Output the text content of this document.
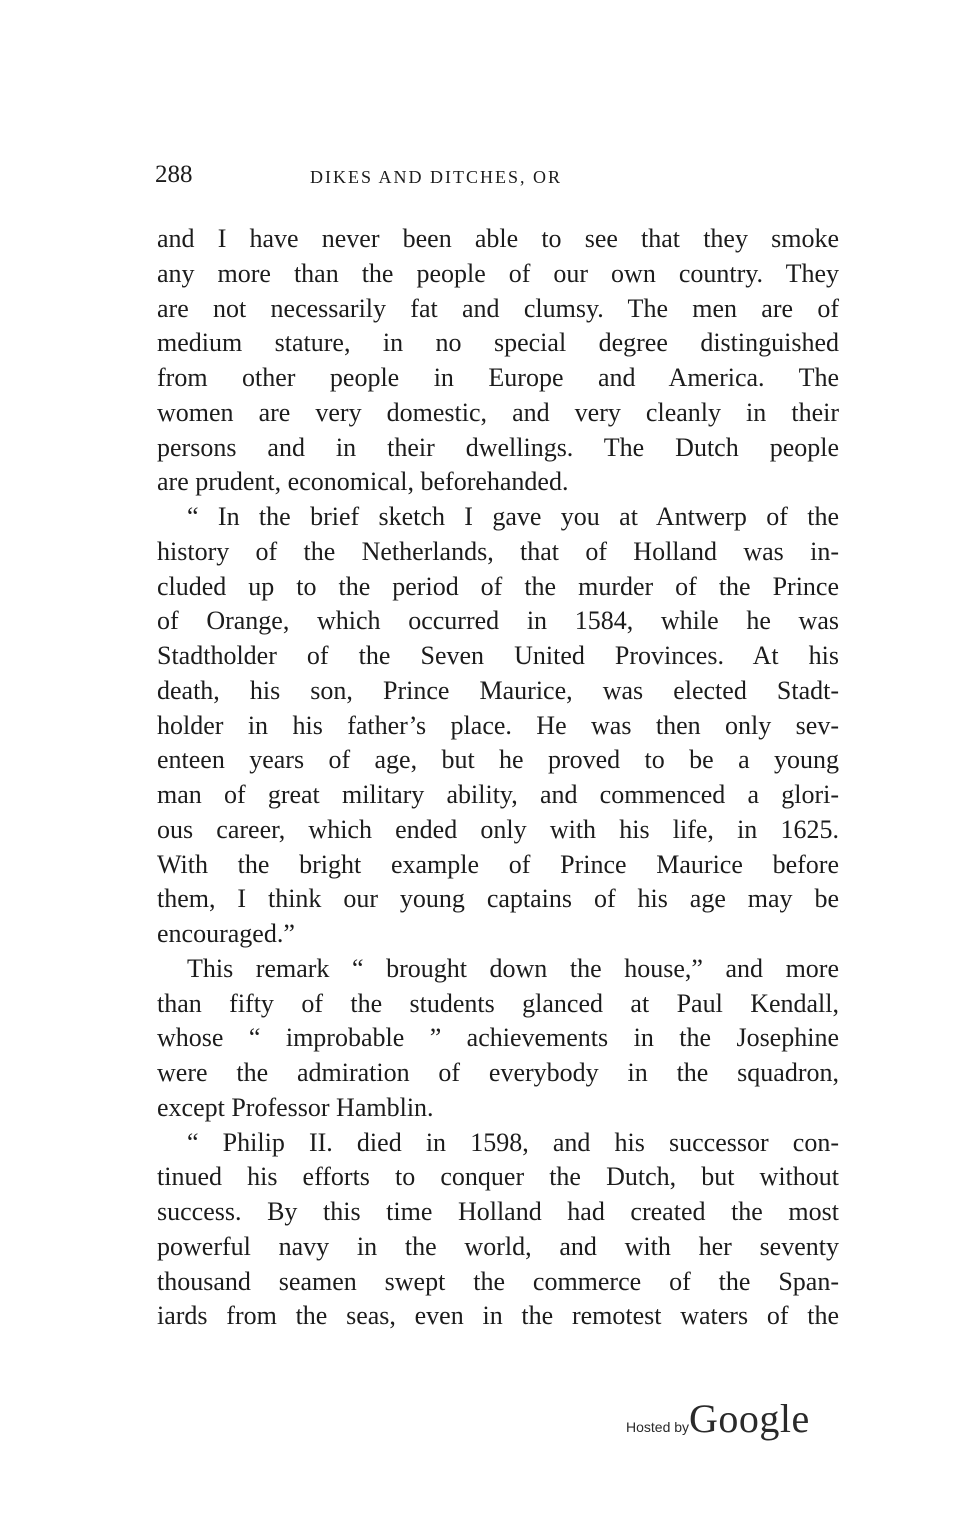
288	DIKES AND DITCHES, OR
and I have never been able to see that they smoke
any more than the people of our own country. They
are not necessarily fat and clumsy. The men are of
medium stature, in no special degree distinguished
from other people in Europe and America. The
women are very domestic, and very cleanly in their
persons and in their dwellings. The Dutch people
are prudent, economical, beforehanded.
“ In the brief sketch I gave you at Antwerp of the
history of the Netherlands, that of Holland was in-
cluded up to the period of the murder of the Prince
of Orange, which occurred in 1584, while he was
Stadtholder of the Seven United Provinces. At his
death, his son, Prince Maurice, was elected Stadt-
holder in his father’s place. He was then only sev-
enteen years of age, but he proved to be a young
man of great military ability, and commenced a glori-
ous career, which ended only with his life, in 1625.
With the bright example of Prince Maurice before
them, I think our young captains of his age may be
encouraged.”
This remark “ brought down the house,” and more
than fifty of the students glanced at Paul Kendall,
whose “ improbable ” achievements in the Josephine
were the admiration of everybody in the squadron,
except Professor Hamblin.
“ Philip II. died in 1598, and his successor con-
tinued his efforts to conquer the Dutch, but without
success. By this time Holland had created the most
powerful navy in the world, and with her seventy
thousand seamen swept the commerce of the Span-
iards from the seas, even in the remotest waters of the
Hosted byGoogle
